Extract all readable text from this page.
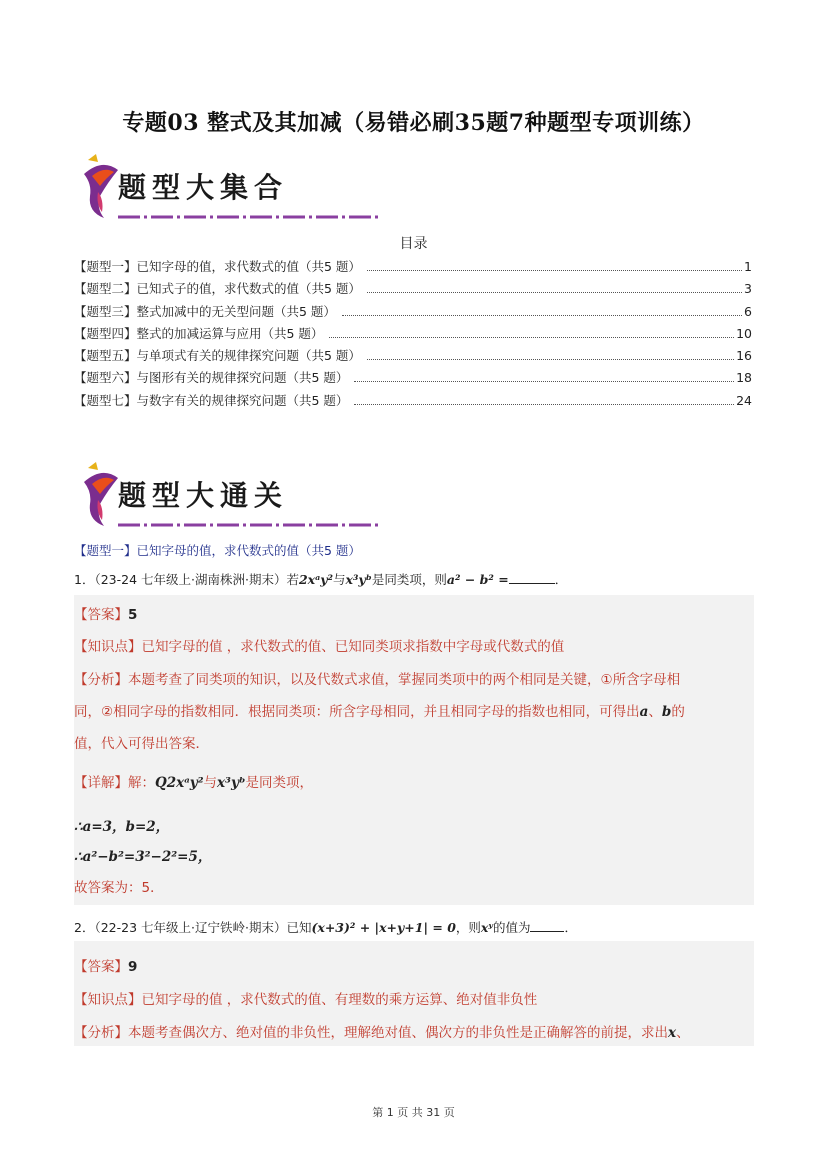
专题03 整式及其加减（易错必刷35题7种题型专项训练）
题型大集合
目录
【题型一】已知字母的值，求代数式的值（共5 题）	1
【题型二】已知式子的值，求代数式的值（共5 题）	3
【题型三】整式加减中的无关型问题（共5 题）	6
【题型四】整式的加减运算与应用（共5 题）	10
【题型五】与单项式有关的规律探究问题（共5 题）	16
【题型六】与图形有关的规律探究问题（共5 题）	18
【题型七】与数字有关的规律探究问题（共5 题）	24
题型大通关
【题型一】已知字母的值，求代数式的值（共5 题）
1．（23-24 七年级上·湖南株洲·期末）若2xᵃy²与x³yᵇ是同类项，则a² − b² =	．
【答案】5
【知识点】已知字母的值 ，求代数式的值、已知同类项求指数中字母或代数式的值
【分析】本题考查了同类项的知识，以及代数式求值，掌握同类项中的两个相同是关键，①所含字母相
同，②相同字母的指数相同．根据同类项：所含字母相同，并且相同字母的指数也相同，可得出a、b的
值，代入可得出答案．
【详解】解：Q2xᵃy²与x³yᵇ是同类项，
∴a=3，b=2，
∴a²−b²=3²−2²=5，
故答案为：5．
2．（22-23 七年级上·辽宁铁岭·期末）已知(x+3)² + |x+y+1| = 0，则xʸ的值为	．
【答案】9
【知识点】已知字母的值 ，求代数式的值、有理数的乘方运算、绝对值非负性
【分析】本题考查偶次方、绝对值的非负性，理解绝对值、偶次方的非负性是正确解答的前提，求出x、
第 1 页 共 31 页
